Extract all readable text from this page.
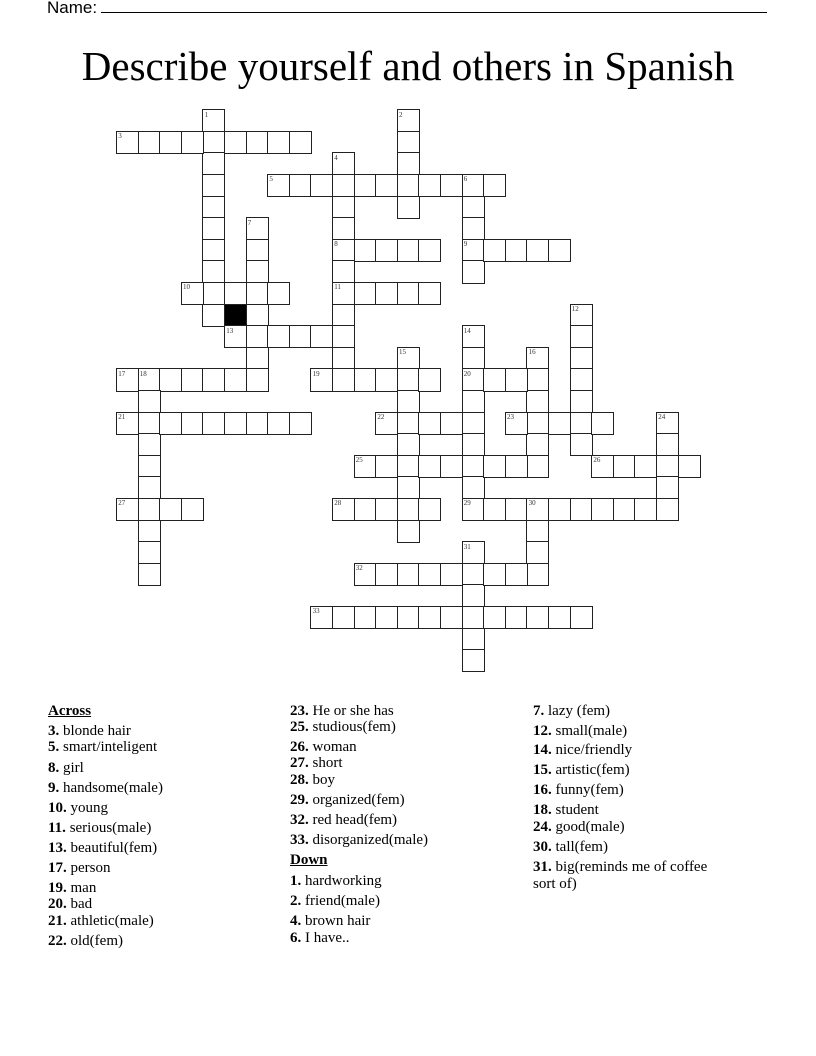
Name:
Describe yourself and others in Spanish
1	2
3
4
5	6
7
8	9
10	11
12
13	14
15	16
17 18	19	20
21	22	23	24
25	26
27	28	29	30
31
32
33
Across
3. blonde hair
5. smart/inteligent
8. girl
9. handsome(male)
10. young
11. serious(male)
13. beautiful(fem)
17. person
19. man
20. bad
21. athletic(male)
22. old(fem)
23. He or she has
25. studious(fem)
26. woman
27. short
28. boy
29. organized(fem)
32. red head(fem)
33. disorganized(male)
Down
1. hardworking
2. friend(male)
4. brown hair
6. I have..
7. lazy (fem)
12. small(male)
14. nice/friendly
15. artistic(fem)
16. funny(fem)
18. student
24. good(male)
30. tall(fem)
31. big(reminds me of coffee
sort of)
